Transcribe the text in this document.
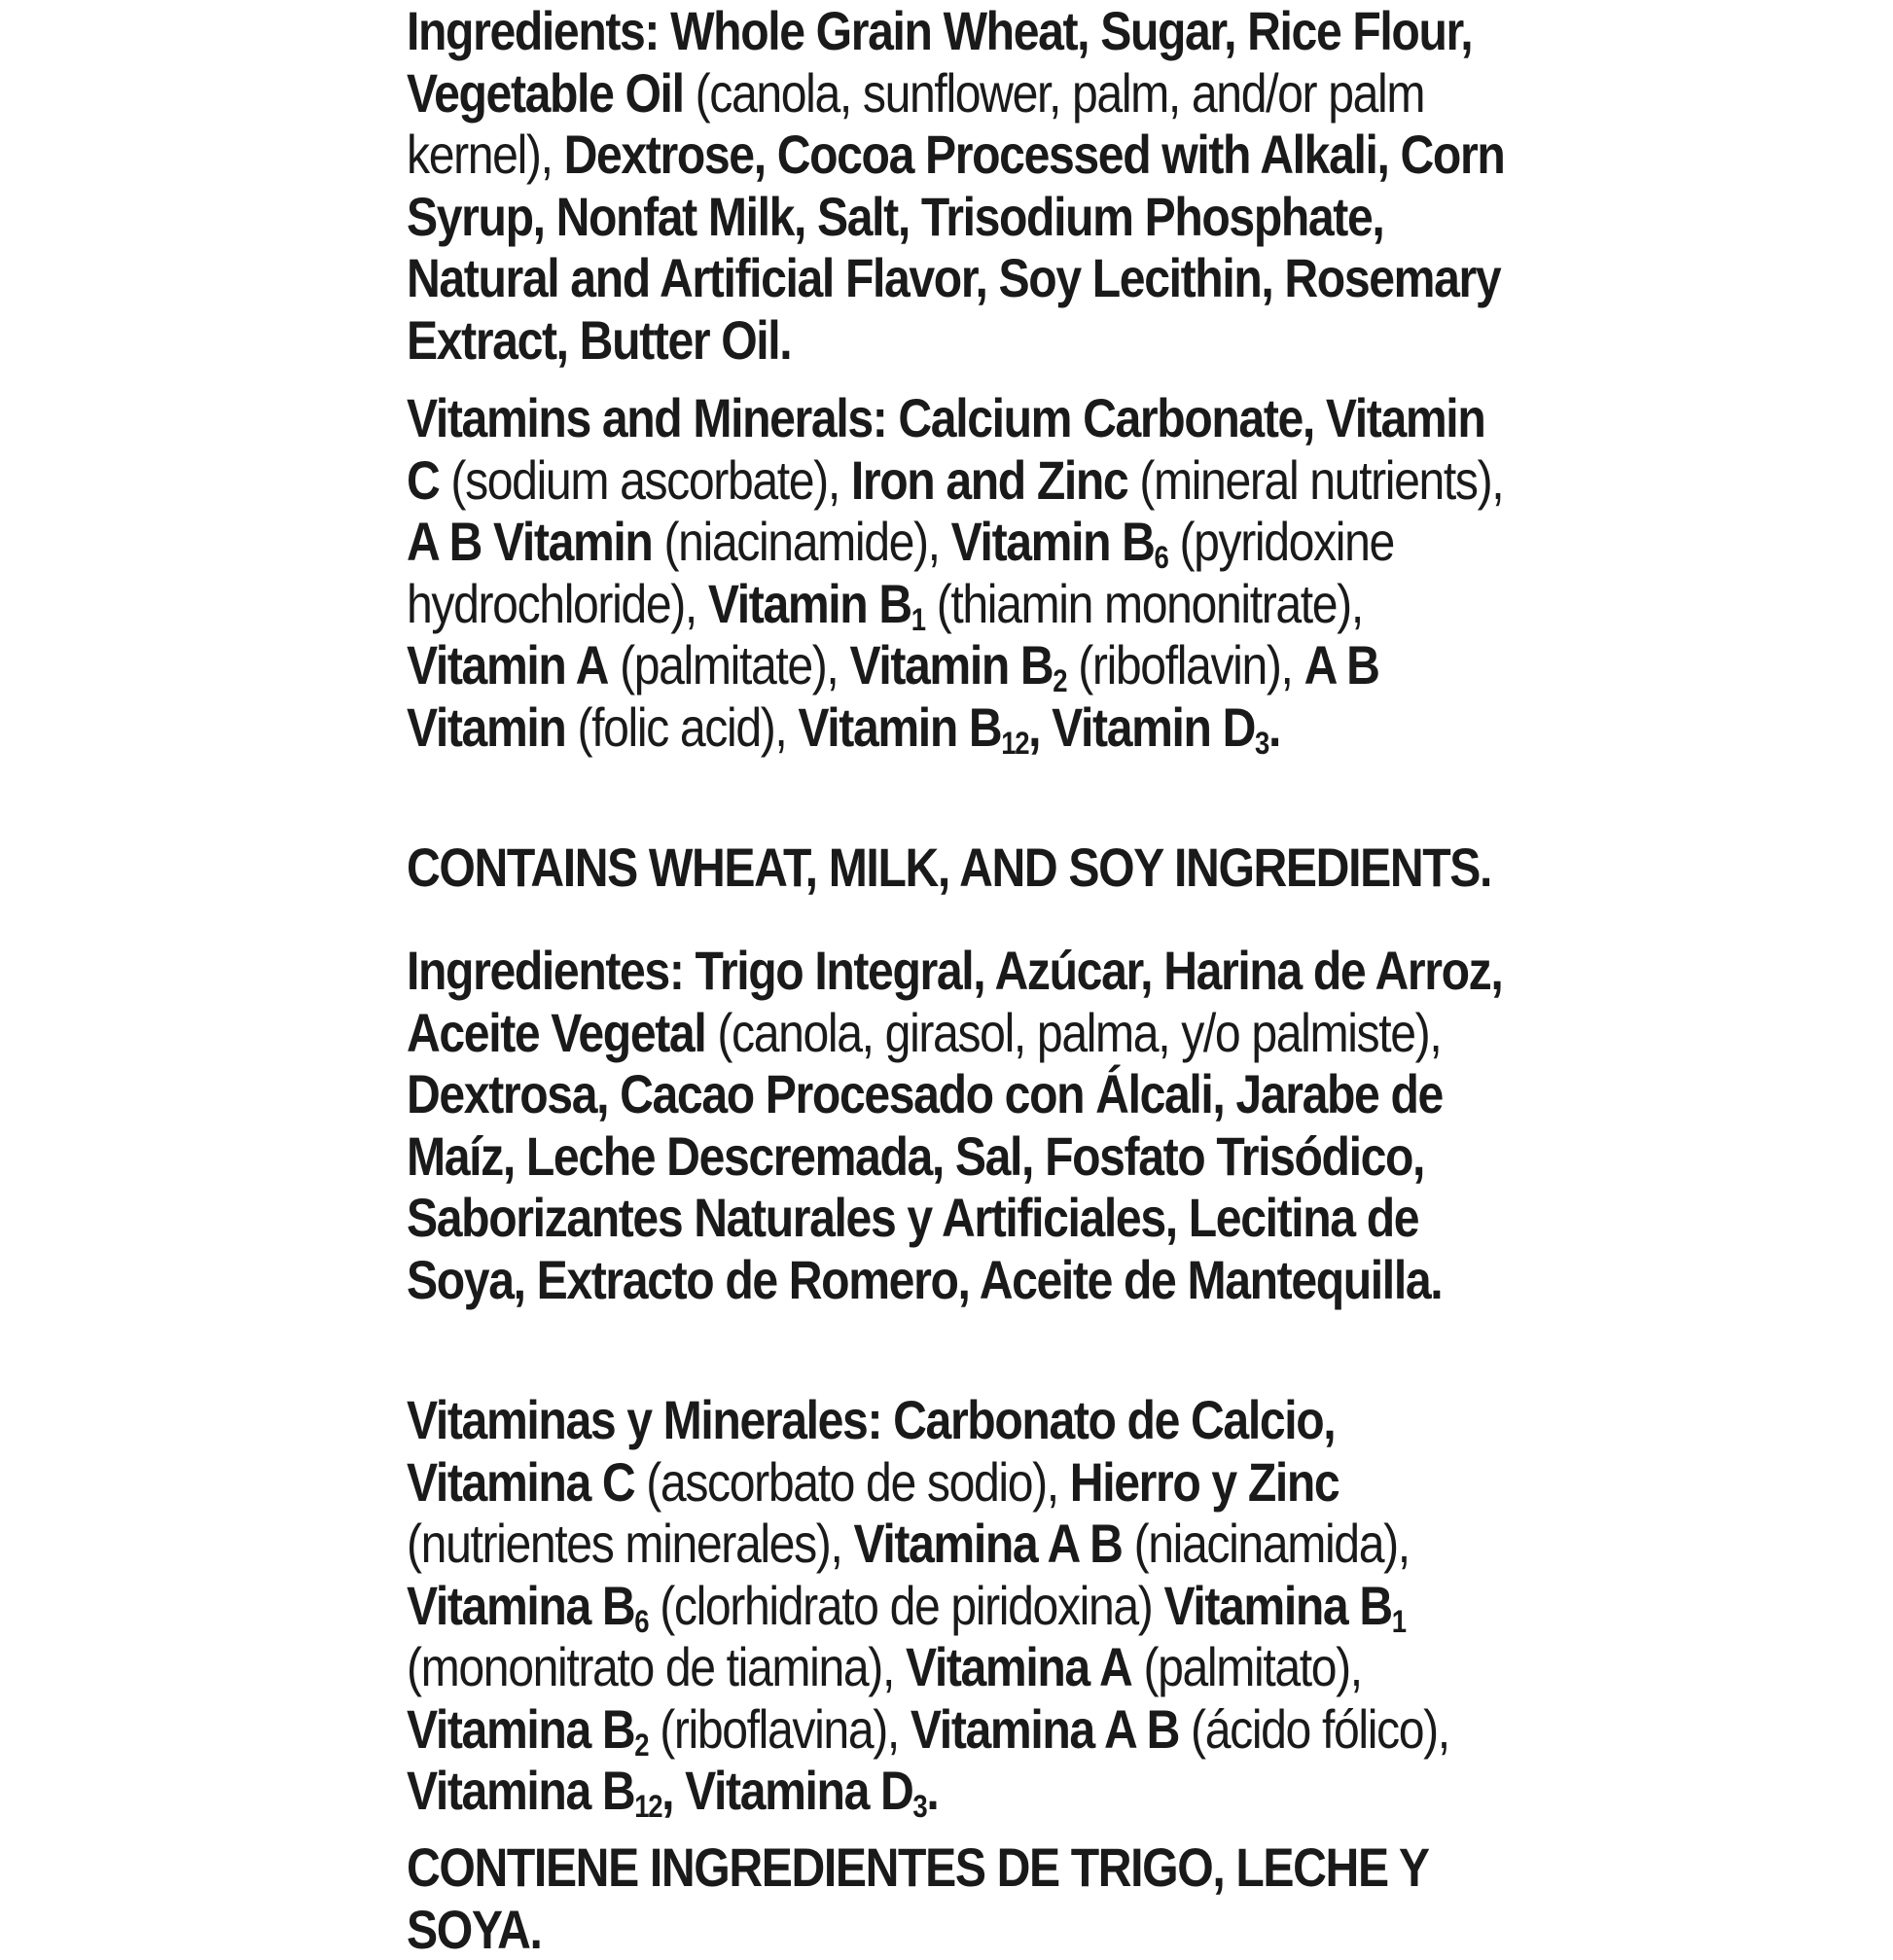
Ingredients: Whole Grain Wheat, Sugar, Rice Flour, Vegetable Oil (canola, sunflower, palm, and/or palm kernel), Dextrose, Cocoa Processed with Alkali, Corn Syrup, Nonfat Milk, Salt, Trisodium Phosphate, Natural and Artificial Flavor, Soy Lecithin, Rosemary Extract, Butter Oil.

Vitamins and Minerals: Calcium Carbonate, Vitamin C (sodium ascorbate), Iron and Zinc (mineral nutrients), A B Vitamin (niacinamide), Vitamin $B_6$ (pyridoxine hydrochloride), Vitamin $B_1$ (thiamin mononitrate), Vitamin A (palmitate), Vitamin $B_2$ (riboflavin), A B Vitamin (folic acid), Vitamin $B_{12}$, Vitamin $D_3$.

CONTAINS WHEAT, MILK, AND SOY INGREDIENTS.

Ingredientes: Trigo Integral, Azúcar, Harina de Arroz, Aceite Vegetal (canola, girasol, palma, y/o palmiste), Dextrosa, Cacao Procesado con Álcali, Jarabe de Maíz, Leche Descremada, Sal, Fosfato Trisódico, Saborizantes Naturales y Artificiales, Lecitina de Soya, Extracto de Romero, Aceite de Mantequilla.

Vitaminas y Minerales: Carbonato de Calcio, Vitamina C (ascorbato de sodio), Hierro y Zinc (nutrientes minerales), Vitamina A B (niacinamida), Vitamina $B_6$ (clorhidrato de piridoxina) Vitamina $B_1$ (mononitrato de tiamina), Vitamina A (palmitato), Vitamina $B_2$ (riboflavina), Vitamina A B (ácido fólico), Vitamina $B_{12}$, Vitamina $D_3$.

CONTIENE INGREDIENTES DE TRIGO, LECHE Y SOYA.
